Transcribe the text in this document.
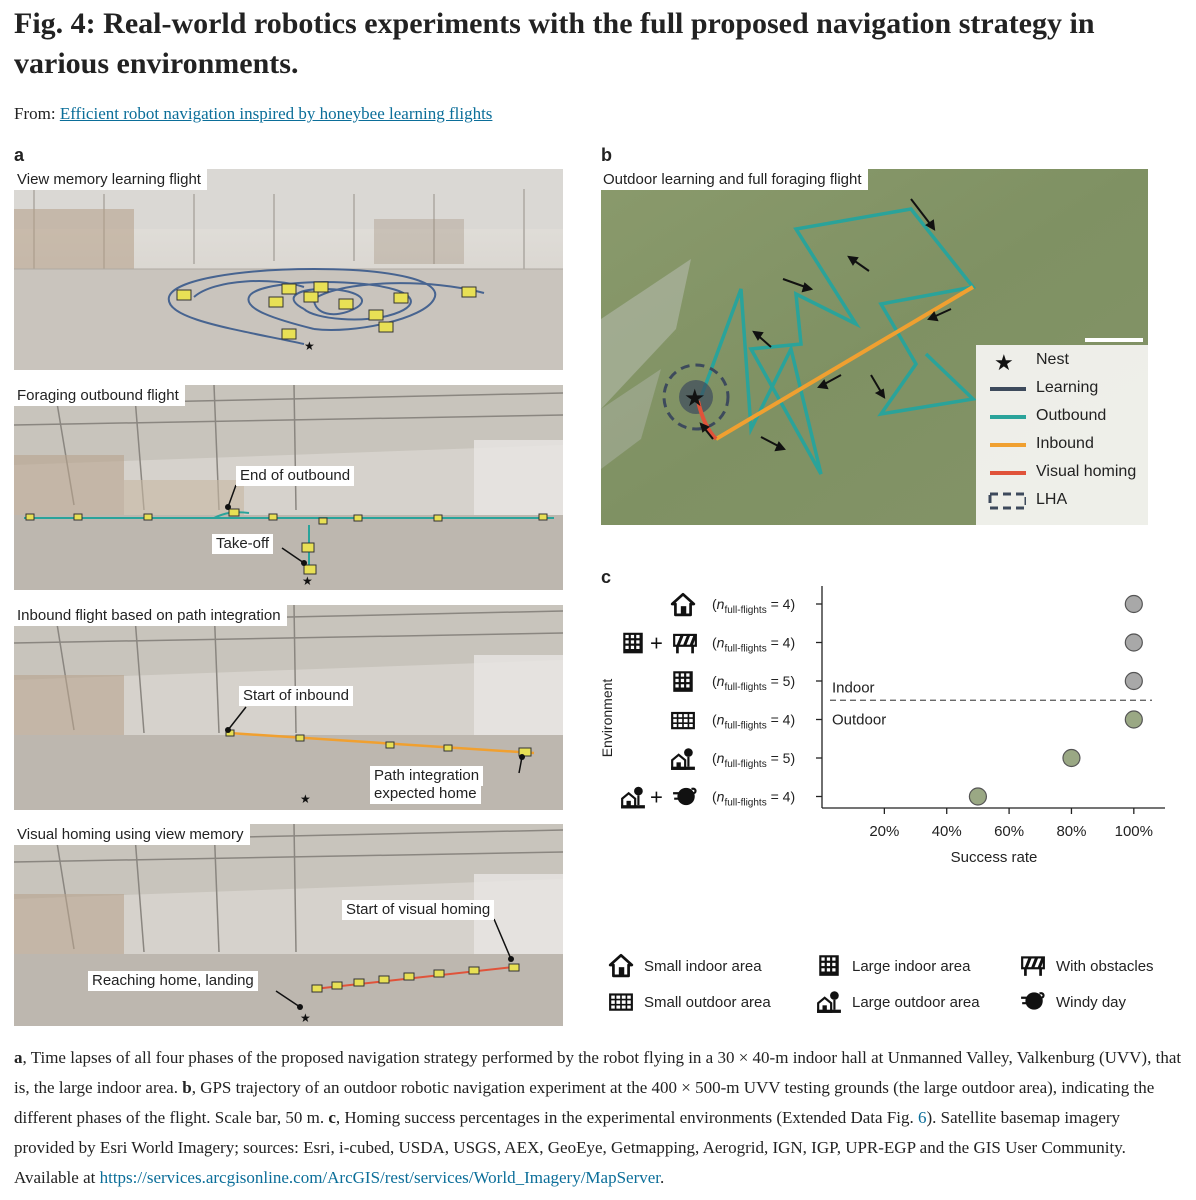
Fig. 4: Real-world robotics experiments with the full proposed navigation strategy in various environments.
From: Efficient robot navigation inspired by honeybee learning flights
a
★
View memory learning flight
★
Foraging outbound flight
End of outbound
Take-off
★
Inbound flight based on path integration
Start of inbound
Path integration
expected home
★
Visual homing using view memory
Start of visual homing
Reaching home, landing
b
★
Outdoor learning and full foraging flight
★ Nest
Learning
Outbound
Inbound
Visual homing
LHA
c
Environment	Indoor
Outdoor
$(n_{full-flights} = 4)$
$(n_{full-flights} = 4)$
+
$(n_{full-flights} = 5)$
$(n_{full-flights} = 4)$
$(n_{full-flights} = 5)$
$(n_{full-flights} = 4)$
+
20% 40% 60% 80% 100%
Success rate
Small indoor area	Large indoor area	With obstacles
Small outdoor area	Large outdoor area	Windy day
a, Time lapses of all four phases of the proposed navigation strategy performed by the robot flying in a 30 × 40-m indoor hall at Unmanned Valley, Valkenburg (UVV), that is, the large indoor area. b, GPS trajectory of an outdoor robotic navigation experiment at the 400 × 500-m UVV testing grounds (the large outdoor area), indicating the different phases of the flight. Scale bar, 50 m. c, Homing success percentages in the experimental environments (Extended Data Fig. 6). Satellite basemap imagery provided by Esri World Imagery; sources: Esri, i-cubed, USDA, USGS, AEX, GeoEye, Getmapping, Aerogrid, IGN, IGP, UPR-EGP and the GIS User Community. Available at https://services.arcgisonline.com/ArcGIS/rest/services/World_Imagery/MapServer.
